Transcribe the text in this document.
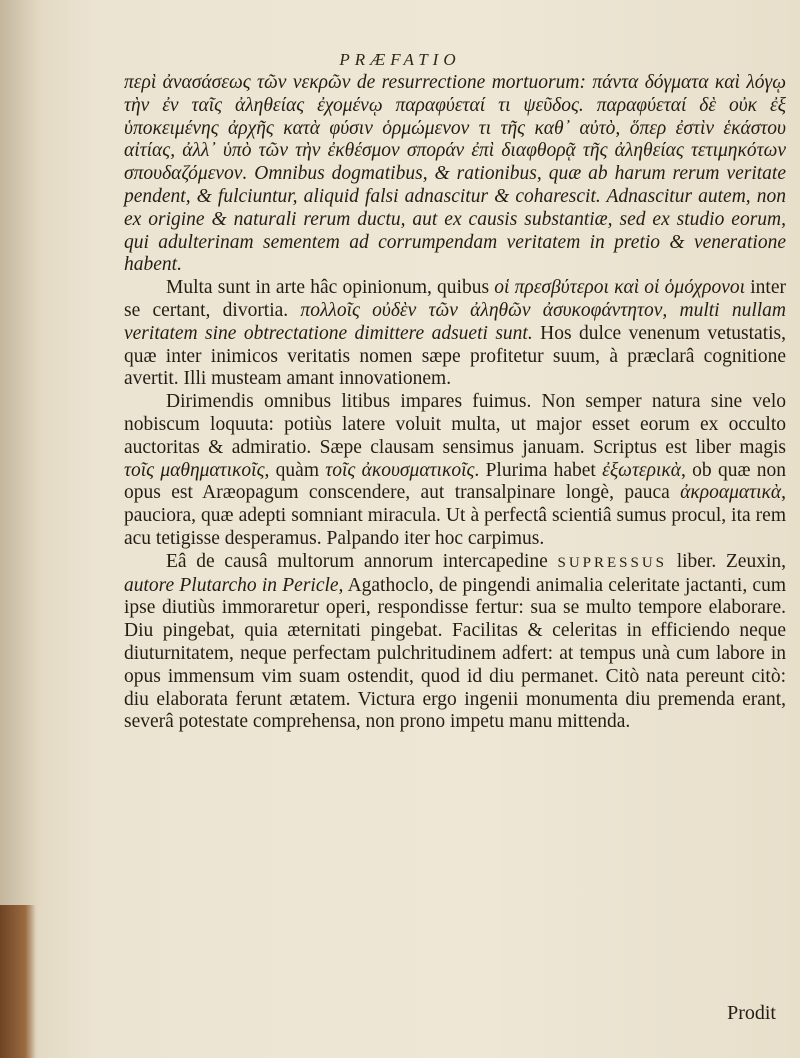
PRÆFATIO

περὶ ἀνασάσεως τῶν νεκρῶν de resurrectione mortuorum: πάντα δόγματα καὶ λόγῳ τὴν ἐν ταῖς ἀληθείας ἐχομένῳ παραφύεταί τι ψεῦδος. παραφύεταί δὲ οὐκ ἐξ ὑποκειμένης ἀρχῆς κατὰ φύσιν ὁρμώμενον τι τῆς καθ᾽ αὐτὸ, ὅπερ ἐστὶν ἑκάστου αἰτίας, ἀλλ᾽ ὑπὸ τῶν τὴν ἐκθέσμον σποράν ἐπὶ διαφθορᾷ τῆς ἀληθείας τετιμηκότων σπουδαζόμενον. Omnibus dogmatibus, & rationibus, quæ ab harum rerum veritate pendent, & fulciuntur, aliquid falsi adnascitur & coharescit. Adnascitur autem, non ex origine & naturali rerum ductu, aut ex causis substantiæ, sed ex studio eorum, qui adulterinam sementem ad corrumpendam veritatem in pretio & veneratione habent.

Multa sunt in arte hâc opinionum, quibus οἱ πρεσβύτεροι καὶ οἱ ὁμόχρονοι inter se certant, divortia. πολλοῖς οὐδὲν τῶν ἀληθῶν ἀσυκοφάντητον, multi nullam veritatem sine obtrectatione dimittere adsueti sunt. Hos dulce venenum vetustatis, quæ inter inimicos veritatis nomen sæpe profitetur suum, à præclarâ cognitione avertit. Illi musteam amant innovationem.

Dirimendis omnibus litibus impares fuimus. Non semper natura sine velo nobiscum loquuta: potiùs latere voluit multa, ut major esset eorum ex occulto auctoritas & admiratio. Sæpe clausam sensimus januam. Scriptus est liber magis τοῖς μαθηματικοῖς, quàm τοῖς ἀκουσματικοῖς. Plurima habet ἐξωτερικὰ, ob quæ non opus est Aræopagum conscendere, aut transalpinare longè, pauca ἀκροαματικὰ, pauciora, quæ adepti somniant miracula. Ut à perfectâ scientiâ sumus procul, ita rem acu tetigisse desperamus. Palpando iter hoc carpimus.

Eâ de causâ multorum annorum intercapedine SUPRESSUS liber. Zeuxin, autore Plutarcho in Pericle, Agathoclo, de pingendi animalia celeritate jactanti, cum ipse diutiùs immoraretur operi, respondisse fertur: sua se multo tempore elaborare. Diu pingebat, quia æternitati pingebat. Facilitas & celeritas in efficiendo neque diuturnitatem, neque perfectam pulchritudinem adfert: at tempus unà cum labore in opus immensum vim suam ostendit, quod id diu permanet. Citò nata pereunt citò: diu elaborata ferunt ætatem. Victura ergo ingenii monumenta diu premenda erant, severâ potestate comprehensa, non prono impetu manu mittenda.

Prodit
